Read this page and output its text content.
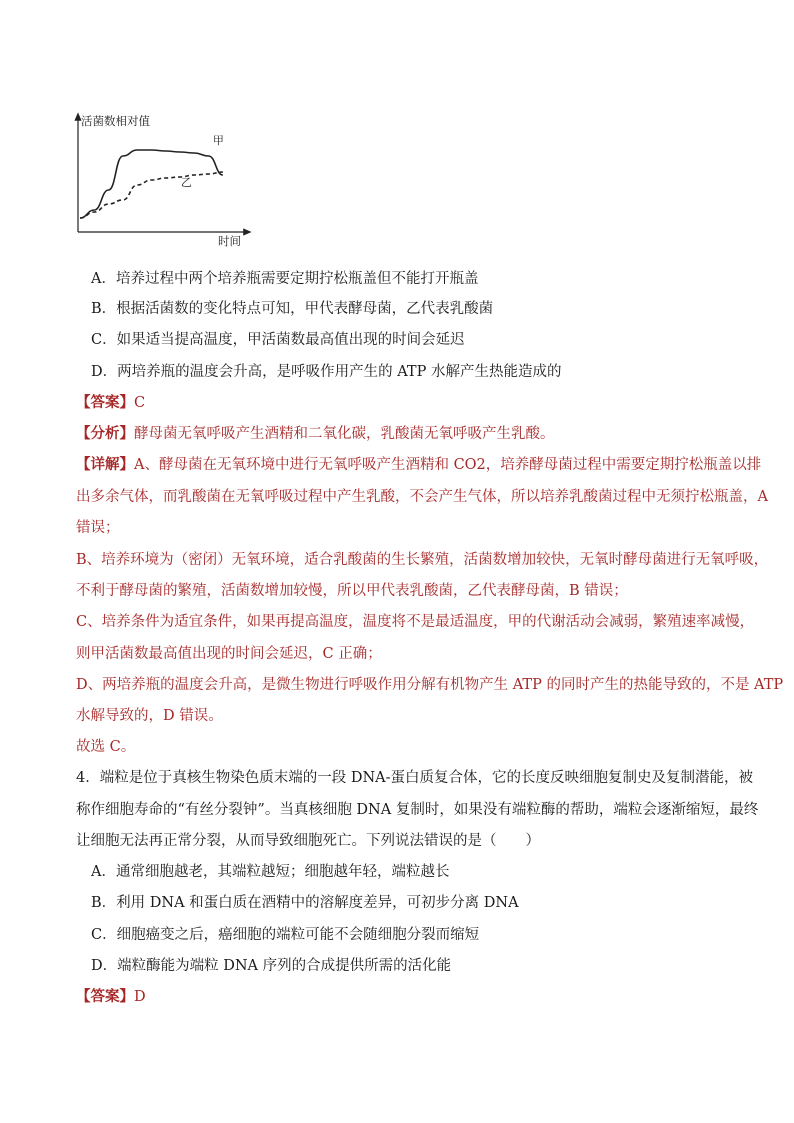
活菌数相对值
时间
甲
乙
A．培养过程中两个培养瓶需要定期拧松瓶盖但不能打开瓶盖
B．根据活菌数的变化特点可知，甲代表酵母菌，乙代表乳酸菌
C．如果适当提高温度，甲活菌数最高值出现的时间会延迟
D．两培养瓶的温度会升高，是呼吸作用产生的 ATP 水解产生热能造成的
【答案】C
【分析】酵母菌无氧呼吸产生酒精和二氧化碳，乳酸菌无氧呼吸产生乳酸。
【详解】A、酵母菌在无氧环境中进行无氧呼吸产生酒精和 CO2，培养酵母菌过程中需要定期拧松瓶盖以排
出多余气体，而乳酸菌在无氧呼吸过程中产生乳酸，不会产生气体，所以培养乳酸菌过程中无须拧松瓶盖，A
错误；
B、培养环境为（密闭）无氧环境，适合乳酸菌的生长繁殖，活菌数增加较快，无氧时酵母菌进行无氧呼吸，
不利于酵母菌的繁殖，活菌数增加较慢，所以甲代表乳酸菌，乙代表酵母菌，B 错误；
C、培养条件为适宜条件，如果再提高温度，温度将不是最适温度，甲的代谢活动会减弱，繁殖速率减慢，
则甲活菌数最高值出现的时间会延迟，C 正确；
D、两培养瓶的温度会升高，是微生物进行呼吸作用分解有机物产生 ATP 的同时产生的热能导致的，不是 ATP
水解导致的，D 错误。
故选 C。
4．端粒是位于真核生物染色质末端的一段 DNA-蛋白质复合体，它的长度反映细胞复制史及复制潜能，被
称作细胞寿命的“有丝分裂钟”。当真核细胞 DNA 复制时，如果没有端粒酶的帮助，端粒会逐渐缩短，最终
让细胞无法再正常分裂，从而导致细胞死亡。下列说法错误的是（　　）
A．通常细胞越老，其端粒越短；细胞越年轻，端粒越长
B．利用 DNA 和蛋白质在酒精中的溶解度差异，可初步分离 DNA
C．细胞癌变之后，癌细胞的端粒可能不会随细胞分裂而缩短
D．端粒酶能为端粒 DNA 序列的合成提供所需的活化能
【答案】D
